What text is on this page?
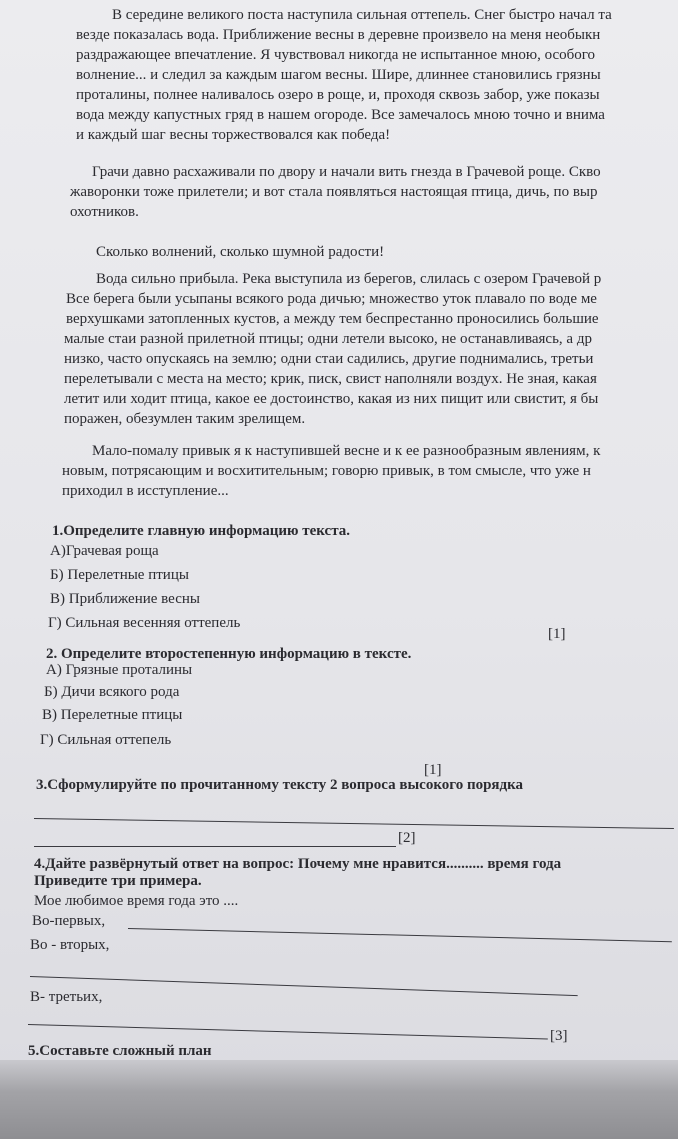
В середине великого поста наступила сильная оттепель. Снег быстро начал та
везде показалась вода. Приближение весны в деревне произвело на меня необыкн
раздражающее впечатление. Я чувствовал никогда не испытанное мною, особого
волнение... и следил за каждым шагом весны. Шире, длиннее становились грязны
проталины, полнее наливалось озеро в роще, и, проходя сквозь забор, уже показы
вода между капустных гряд в нашем огороде. Все замечалось мною точно и внима
и каждый шаг весны торжествовался как победа!
Грачи давно расхаживали по двору и начали вить гнезда в Грачевой роще. Скво
жаворонки тоже прилетели; и вот стала появляться настоящая птица, дичь, по выр
охотников.
Сколько волнений, сколько шумной радости!
Вода сильно прибыла. Река выступила из берегов, слилась с озером Грачевой р
Все берега были усыпаны всякого рода дичью; множество уток плавало по воде ме
верхушками затопленных кустов, а между тем беспрестанно проносились большие
малые стаи разной прилетной птицы; одни летели высоко, не останавливаясь, а др
низко, часто опускаясь на землю; одни стаи садились, другие поднимались, третьи
перелетывали с места на место; крик, писк, свист наполняли воздух. Не зная, какая
летит или ходит птица, какое ее достоинство, какая из них пищит или свистит, я бы
поражен, обезумлен таким зрелищем.
Мало-помалу привык я к наступившей весне и к ее разнообразным явлениям, к
новым, потрясающим и восхитительным; говорю привык, в том смысле, что уже н
приходил в исступление...
1.Определите главную информацию текста.
А)Грачевая роща
Б) Перелетные птицы
В) Приближение весны
Г) Сильная весенняя оттепель
[1]
2. Определите второстепенную информацию в тексте.
А) Грязные проталины
Б) Дичи всякого рода
В) Перелетные птицы
Г) Сильная оттепель
[1]
3.Сформулируйте по прочитанному тексту 2 вопроса высокого порядка
[2]
4.Дайте развёрнутый ответ на вопрос: Почему мне нравится.......... время года
Приведите три примера.
Мое любимое время года это ....
Во-первых,
Во - вторых,
В- третьих,
[3]
5.Составьте сложный план
